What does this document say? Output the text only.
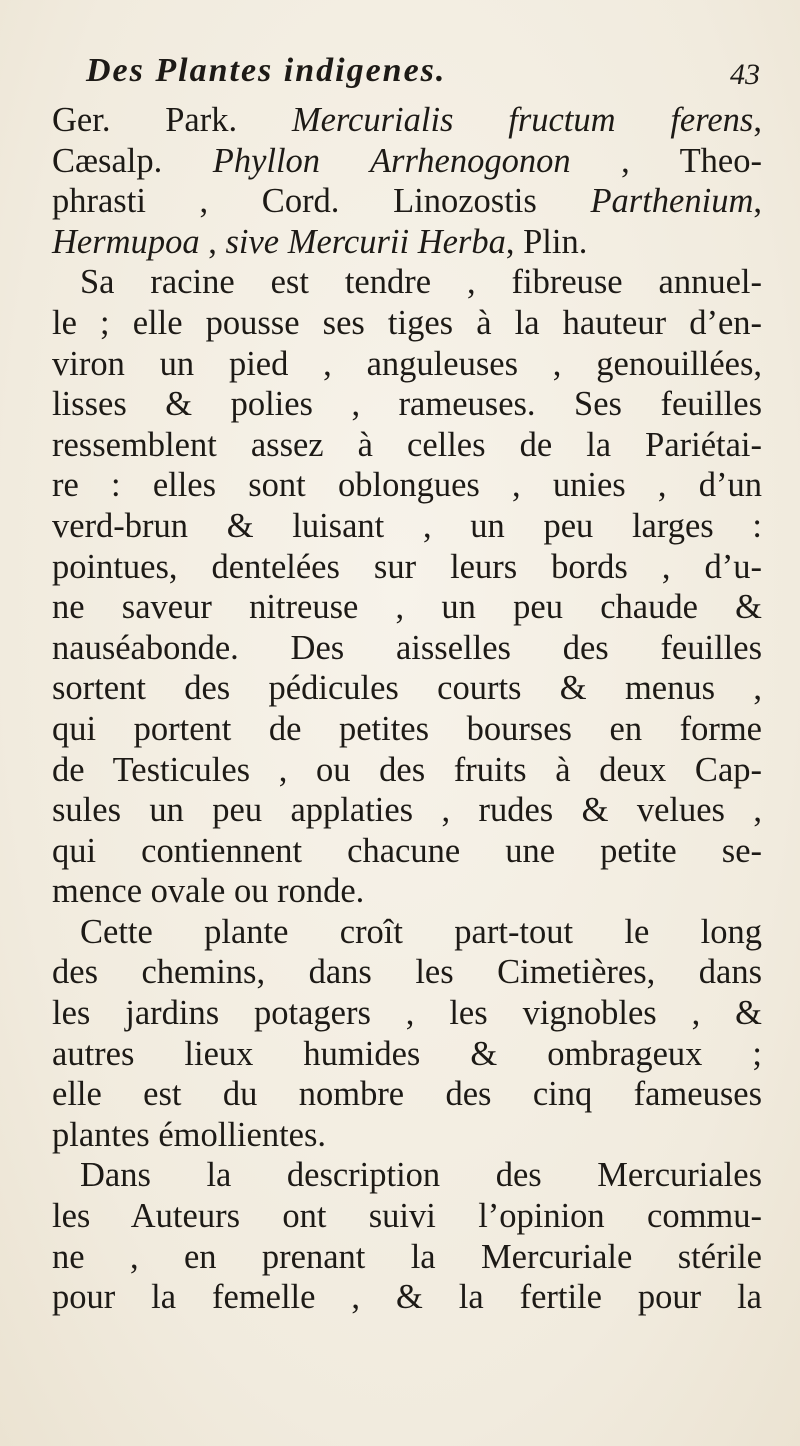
Des Plantes indigenes.	43
Ger. Park. Mercurialis fructum ferens,
Cæsalp. Phyllon Arrhenogonon , Theo-
phrasti , Cord. Linozostis Parthenium,
Hermupoa , sive Mercurii Herba, Plin.
Sa racine est tendre , fibreuse annuel-
le ; elle pousse ses tiges à la hauteur d’en-
viron un pied , anguleuses , genouillées,
lisses & polies , rameuses. Ses feuilles
ressemblent assez à celles de la Pariétai-
re : elles sont oblongues , unies , d’un
verd-brun & luisant , un peu larges :
pointues, dentelées sur leurs bords , d’u-
ne saveur nitreuse , un peu chaude &
nauséabonde. Des aisselles des feuilles
sortent des pédicules courts & menus ,
qui portent de petites bourses en forme
de Testicules , ou des fruits à deux Cap-
sules un peu applaties , rudes & velues ,
qui contiennent chacune une petite se-
mence ovale ou ronde.
Cette plante croît part-tout le long
des chemins, dans les Cimetières, dans
les jardins potagers , les vignobles , &
autres lieux humides & ombrageux ;
elle est du nombre des cinq fameuses
plantes émollientes.
Dans la description des Mercuriales
les Auteurs ont suivi l’opinion commu-
ne , en prenant la Mercuriale stérile
pour la femelle , & la fertile pour la
